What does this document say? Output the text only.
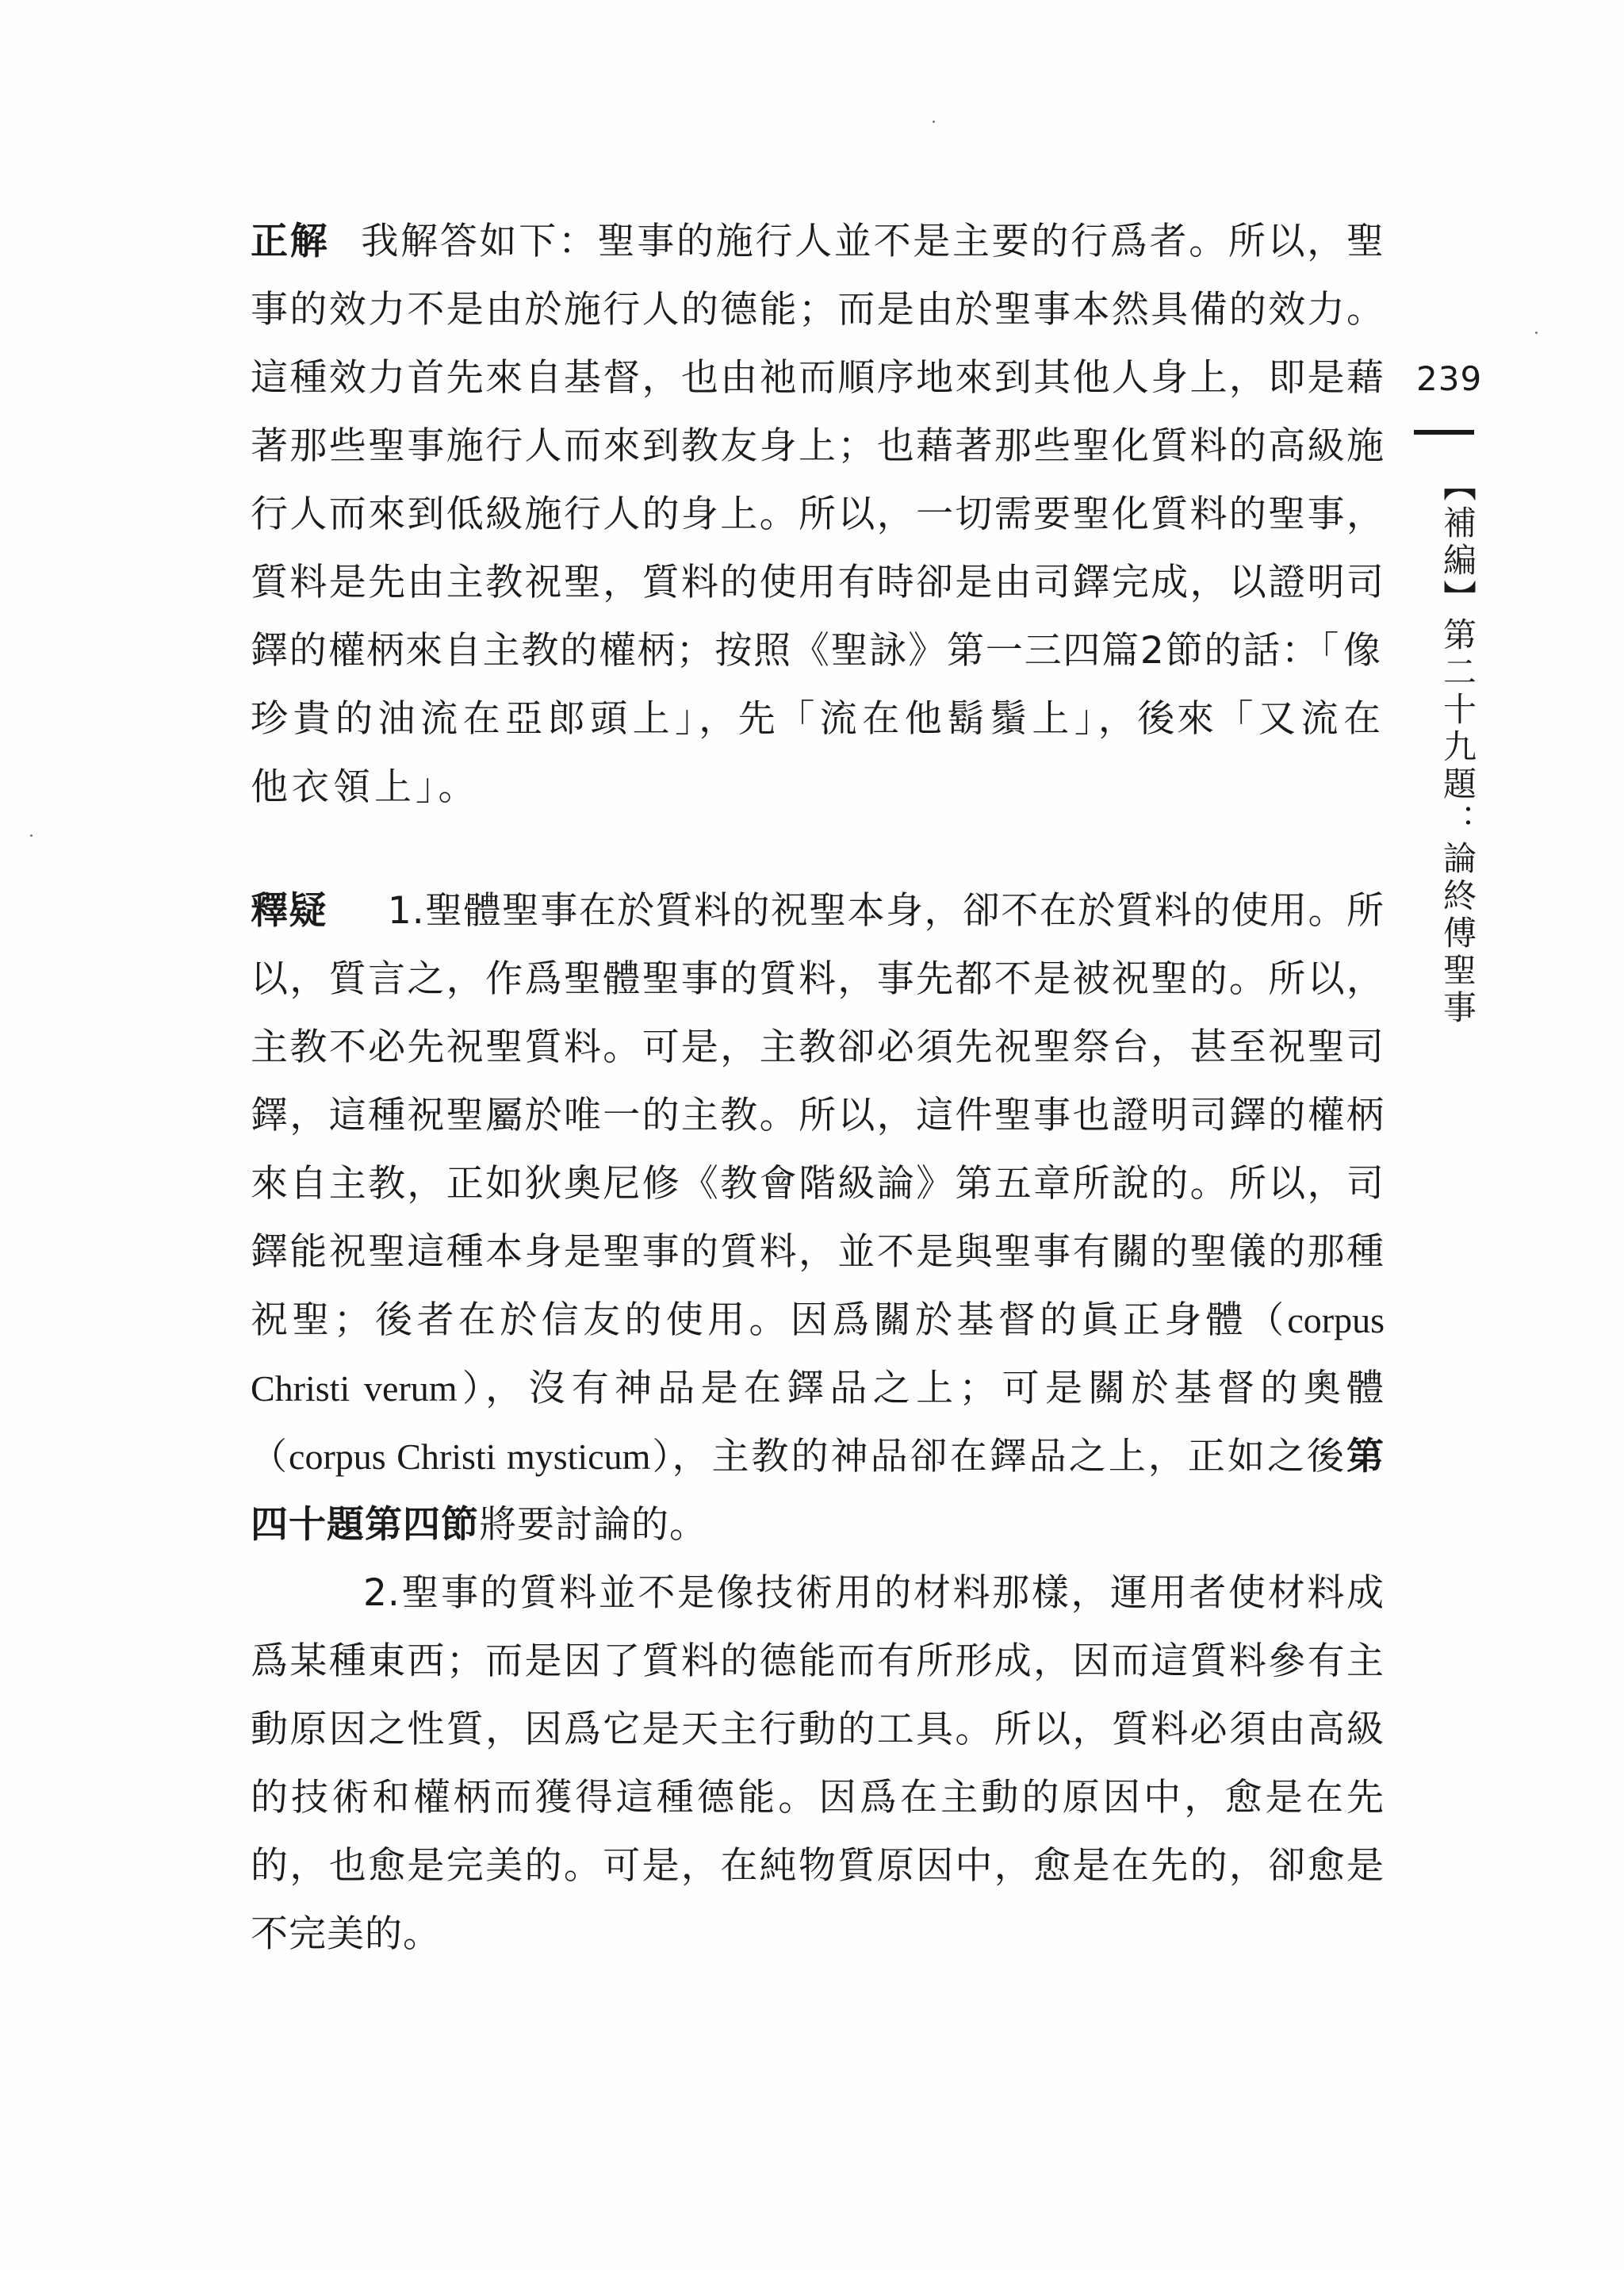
正解 我解答如下：聖事的施行人並不是主要的行爲者。所以，聖事的效力不是由於施行人的德能；而是由於聖事本然具備的效力。這種效力首先來自基督，也由祂而順序地來到其他人身上，即是藉著那些聖事施行人而來到教友身上；也藉著那些聖化質料的高級施行人而來到低級施行人的身上。所以，一切需要聖化質料的聖事，質料是先由主教祝聖，質料的使用有時卻是由司鐸完成，以證明司鐸的權柄來自主教的權柄；按照《聖詠》第一三四篇2節的話：「像珍貴的油流在亞郎頭上」，先「流在他鬍鬚上」，後來「又流在他衣領上」。

釋疑 1.聖體聖事在於質料的祝聖本身，卻不在於質料的使用。所以，質言之，作爲聖體聖事的質料，事先都不是被祝聖的。所以，主教不必先祝聖質料。可是，主教卻必須先祝聖祭台，甚至祝聖司鐸，這種祝聖屬於唯一的主教。所以，這件聖事也證明司鐸的權柄來自主教，正如狄奧尼修《教會階級論》第五章所說的。所以，司鐸能祝聖這種本身是聖事的質料，並不是與聖事有關的聖儀的那種祝聖；後者在於信友的使用。因爲關於基督的眞正身體（corpus Christi verum），沒有神品是在鐸品之上；可是關於基督的奧體（corpus Christi mysticum），主教的神品卻在鐸品之上，正如之後第四十題第四節將要討論的。

2.聖事的質料並不是像技術用的材料那樣，運用者使材料成爲某種東西；而是因了質料的德能而有所形成，因而這質料參有主動原因之性質，因爲它是天主行動的工具。所以，質料必須由高級的技術和權柄而獲得這種德能。因爲在主動的原因中，愈是在先的，也愈是完美的。可是，在純物質原因中，愈是在先的，卻愈是不完美的。

239
【補編】第二十九題：論終傅聖事
